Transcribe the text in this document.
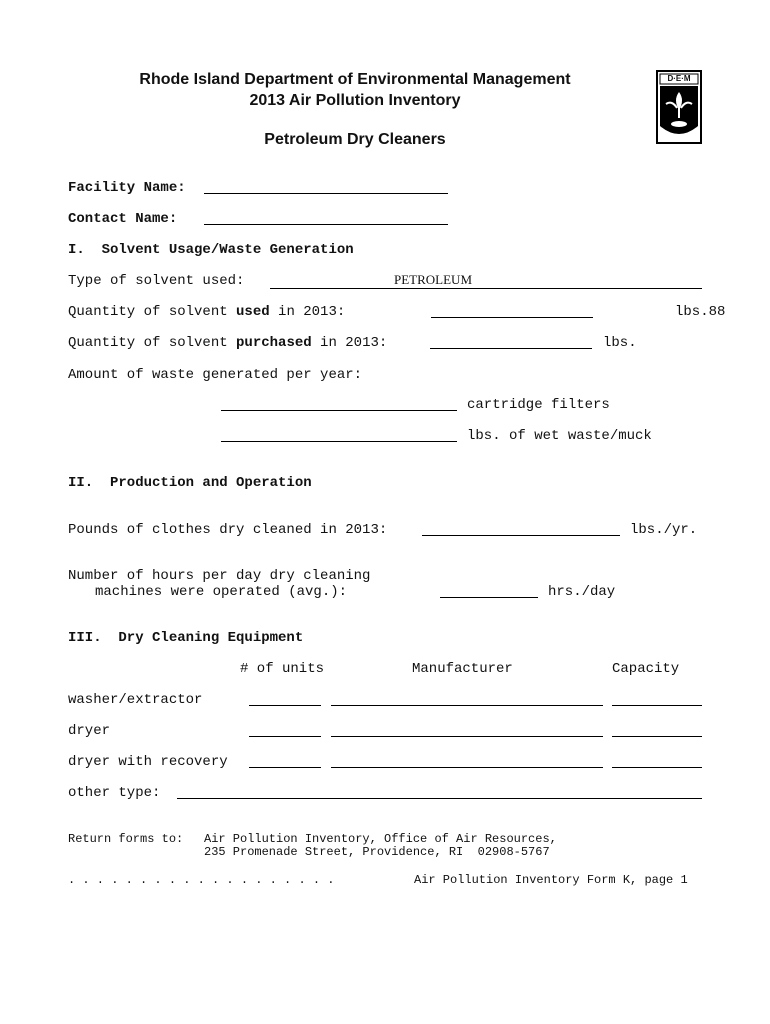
Rhode Island Department of Environmental Management
2013 Air Pollution Inventory
Petroleum Dry Cleaners
D·E·M
Facility Name:
Contact Name:
I.  Solvent Usage/Waste Generation
Type of solvent used:	PETROLEUM
Quantity of solvent used in 2013:	lbs.88
Quantity of solvent purchased in 2013:	lbs.
Amount of waste generated per year:
cartridge filters
lbs. of wet waste/muck
II.  Production and Operation
Pounds of clothes dry cleaned in 2013:	lbs./yr.
Number of hours per day dry cleaning
machines were operated (avg.):	hrs./day
III.  Dry Cleaning Equipment
# of units	Manufacturer	Capacity
washer/extractor
dryer
dryer with recovery
other type:
Return forms to: Air Pollution Inventory, Office of Air Resources,
235 Promenade Street, Providence, RI  02908-5767
. . . . . . . . . . . . . . . . . . .	Air Pollution Inventory Form K, page 1
